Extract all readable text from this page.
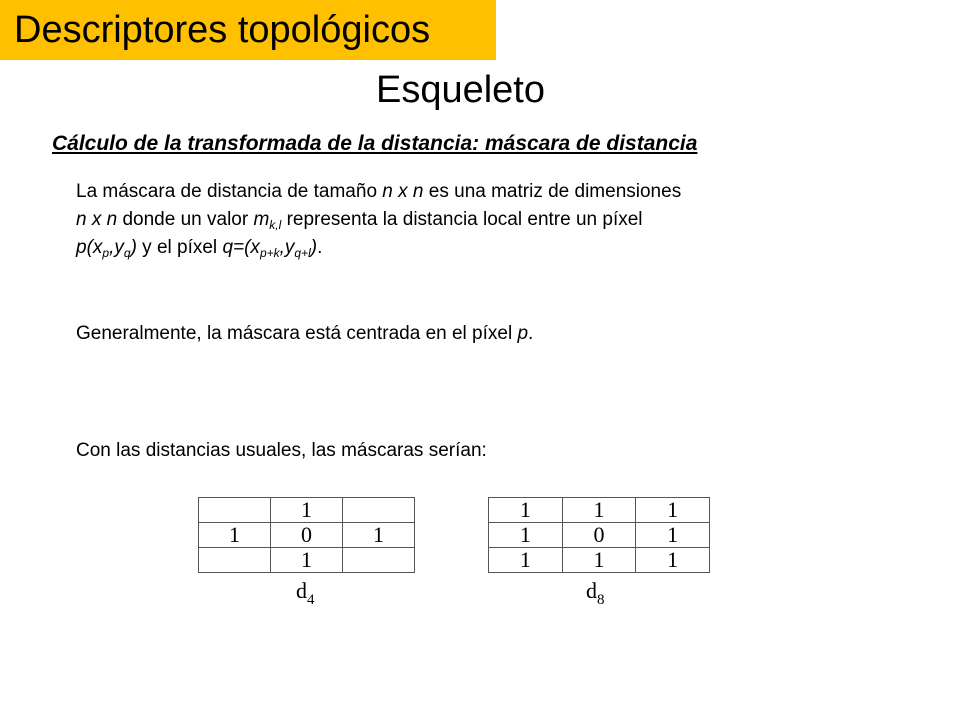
Descriptores topológicos
Esqueleto
Cálculo de la transformada de la distancia: máscara de distancia
La máscara de distancia de tamaño n x n es una matriz de dimensiones
n x n donde un valor $m_{k,l}$ representa la distancia local entre un píxel
$p(x_p,y_q)$ y el píxel $q=(x_{p+k},y_{q+l})$.
Generalmente, la máscara está centrada en el píxel p.
Con las distancias usuales, las máscaras serían:
	1	
1	0	1
	1	
$d_4$
1	1	1
1	0	1
1	1	1
$d_8$
